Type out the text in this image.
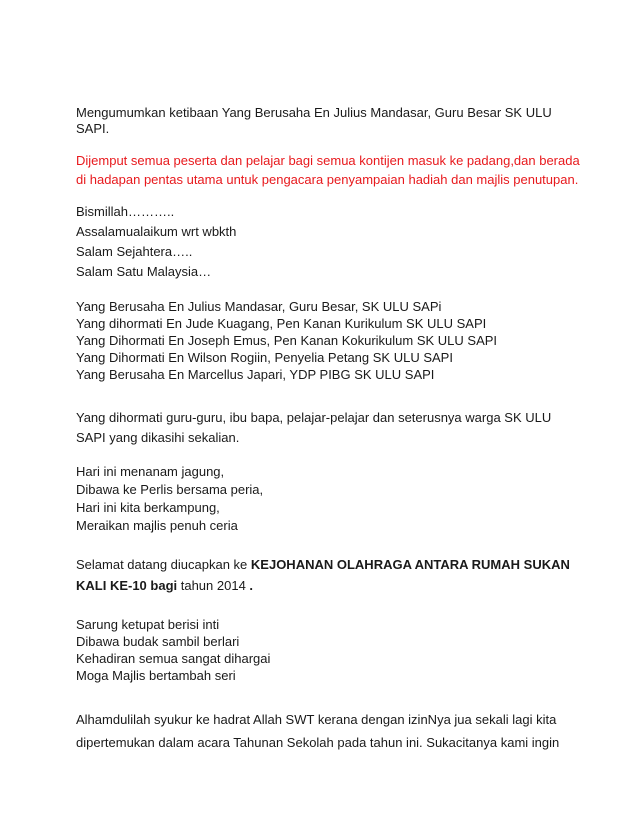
Mengumumkan ketibaan Yang Berusaha En Julius Mandasar, Guru Besar SK ULU
SAPI.
Dijemput semua peserta dan pelajar bagi semua kontijen masuk ke padang,dan berada
di hadapan pentas utama untuk pengacara penyampaian hadiah dan majlis penutupan.
Bismillah………..
Assalamualaikum wrt wbkth
Salam Sejahtera…..
Salam Satu Malaysia…
Yang Berusaha En Julius Mandasar, Guru Besar, SK ULU SAPi
Yang dihormati En Jude Kuagang, Pen Kanan Kurikulum SK ULU SAPI
Yang Dihormati En Joseph Emus, Pen Kanan Kokurikulum SK ULU SAPI
Yang Dihormati En Wilson Rogiin, Penyelia Petang SK ULU SAPI
Yang Berusaha En Marcellus Japari, YDP PIBG SK ULU SAPI
Yang dihormati guru-guru, ibu bapa, pelajar-pelajar dan seterusnya warga SK ULU
SAPI yang dikasihi sekalian.
Hari ini menanam jagung,
Dibawa ke Perlis bersama peria,
Hari ini kita berkampung,
Meraikan majlis penuh ceria
Selamat datang diucapkan ke KEJOHANAN OLAHRAGA ANTARA RUMAH SUKAN
KALI KE-10 bagi tahun 2014 .
Sarung ketupat berisi inti
Dibawa budak sambil berlari
Kehadiran semua sangat dihargai
Moga Majlis bertambah seri
Alhamdulilah syukur ke hadrat Allah SWT kerana dengan izinNya jua sekali lagi kita
dipertemukan dalam acara Tahunan Sekolah pada tahun ini. Sukacitanya kami ingin
